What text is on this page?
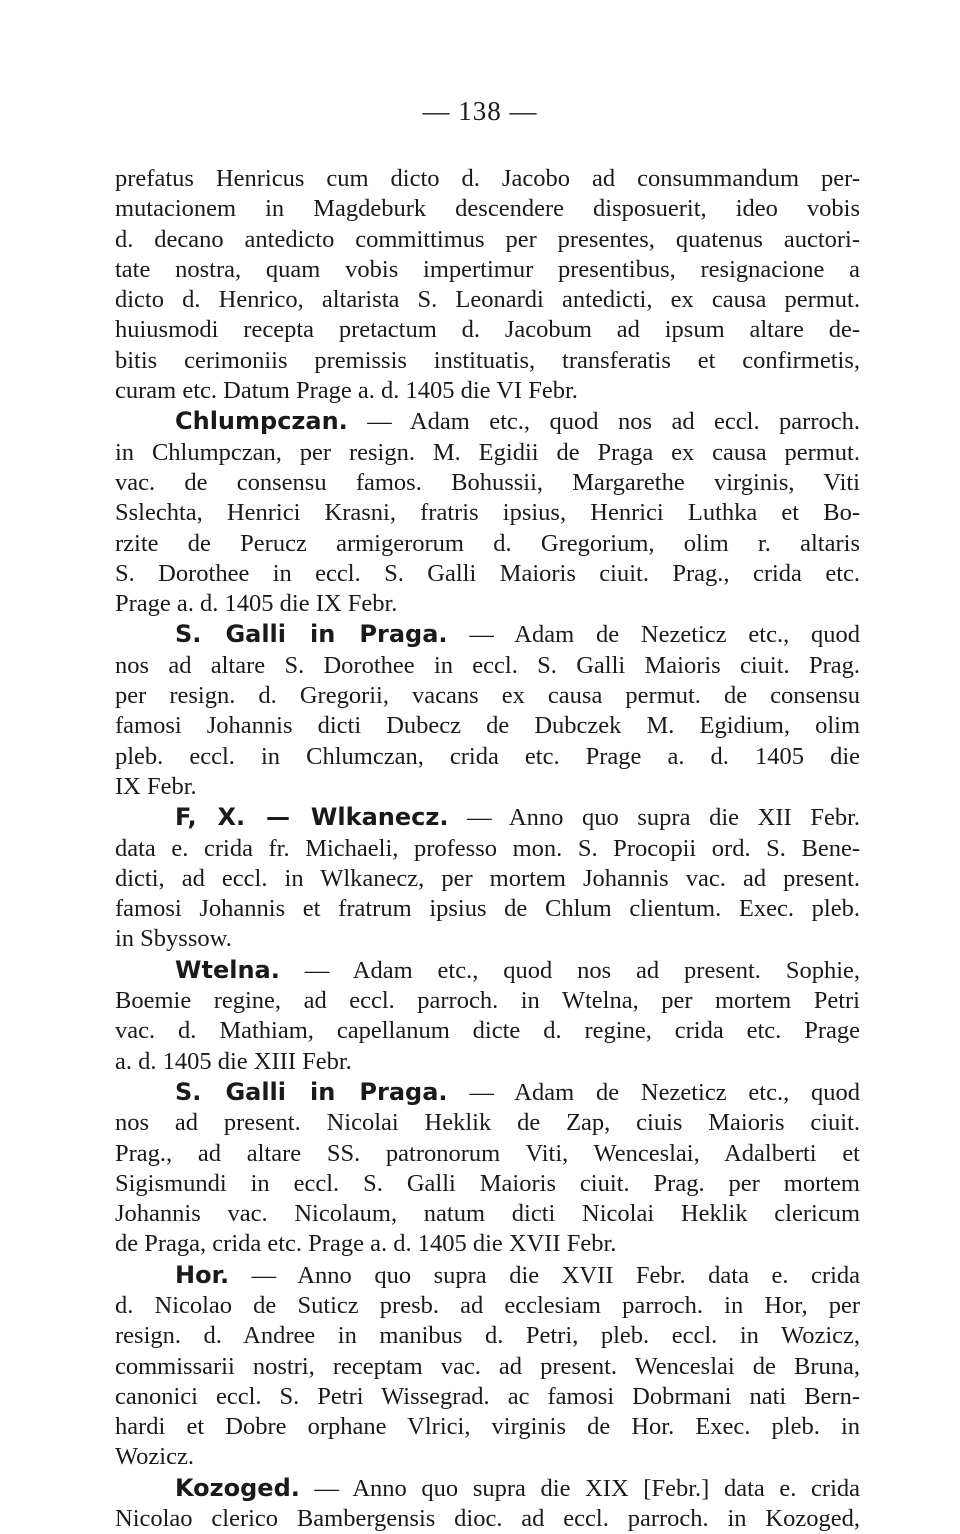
— 138 —
prefatus Henricus cum dicto d. Jacobo ad consummandum per-
mutacionem in Magdeburk descendere disposuerit, ideo vobis
d. decano antedicto committimus per presentes, quatenus auctori-
tate nostra, quam vobis impertimur presentibus, resignacione a
dicto d. Henrico, altarista S. Leonardi antedicti, ex causa permut.
huiusmodi recepta pretactum d. Jacobum ad ipsum altare de-
bitis cerimoniis premissis instituatis, transferatis et confirmetis,
curam etc. Datum Prage a. d. 1405 die VI Febr.
Chlumpczan. — Adam etc., quod nos ad eccl. parroch.
in Chlumpczan, per resign. M. Egidii de Praga ex causa permut.
vac. de consensu famos. Bohussii, Margarethe virginis, Viti
Sslechta, Henrici Krasni, fratris ipsius, Henrici Luthka et Bo-
rzite de Perucz armigerorum d. Gregorium, olim r. altaris
S. Dorothee in eccl. S. Galli Maioris ciuit. Prag., crida etc.
Prage a. d. 1405 die IX Febr.
S. Galli in Praga. — Adam de Nezeticz etc., quod
nos ad altare S. Dorothee in eccl. S. Galli Maioris ciuit. Prag.
per resign. d. Gregorii, vacans ex causa permut. de consensu
famosi Johannis dicti Dubecz de Dubczek M. Egidium, olim
pleb. eccl. in Chlumczan, crida etc. Prage a. d. 1405 die
IX Febr.
F, X. — Wlkanecz. — Anno quo supra die XII Febr.
data e. crida fr. Michaeli, professo mon. S. Procopii ord. S. Bene-
dicti, ad eccl. in Wlkanecz, per mortem Johannis vac. ad present.
famosi Johannis et fratrum ipsius de Chlum clientum. Exec. pleb.
in Sbyssow.
Wtelna. — Adam etc., quod nos ad present. Sophie,
Boemie regine, ad eccl. parroch. in Wtelna, per mortem Petri
vac. d. Mathiam, capellanum dicte d. regine, crida etc. Prage
a. d. 1405 die XIII Febr.
S. Galli in Praga. — Adam de Nezeticz etc., quod
nos ad present. Nicolai Heklik de Zap, ciuis Maioris ciuit.
Prag., ad altare SS. patronorum Viti, Wenceslai, Adalberti et
Sigismundi in eccl. S. Galli Maioris ciuit. Prag. per mortem
Johannis vac. Nicolaum, natum dicti Nicolai Heklik clericum
de Praga, crida etc. Prage a. d. 1405 die XVII Febr.
Hor. — Anno quo supra die XVII Febr. data e. crida
d. Nicolao de Suticz presb. ad ecclesiam parroch. in Hor, per
resign. d. Andree in manibus d. Petri, pleb. eccl. in Wozicz,
commissarii nostri, receptam vac. ad present. Wenceslai de Bruna,
canonici eccl. S. Petri Wissegrad. ac famosi Dobrmani nati Bern-
hardi et Dobre orphane Vlrici, virginis de Hor. Exec. pleb. in
Wozicz.
Kozoged. — Anno quo supra die XIX [Febr.] data e. crida
Nicolao clerico Bambergensis dioc. ad eccl. parroch. in Kozoged,
